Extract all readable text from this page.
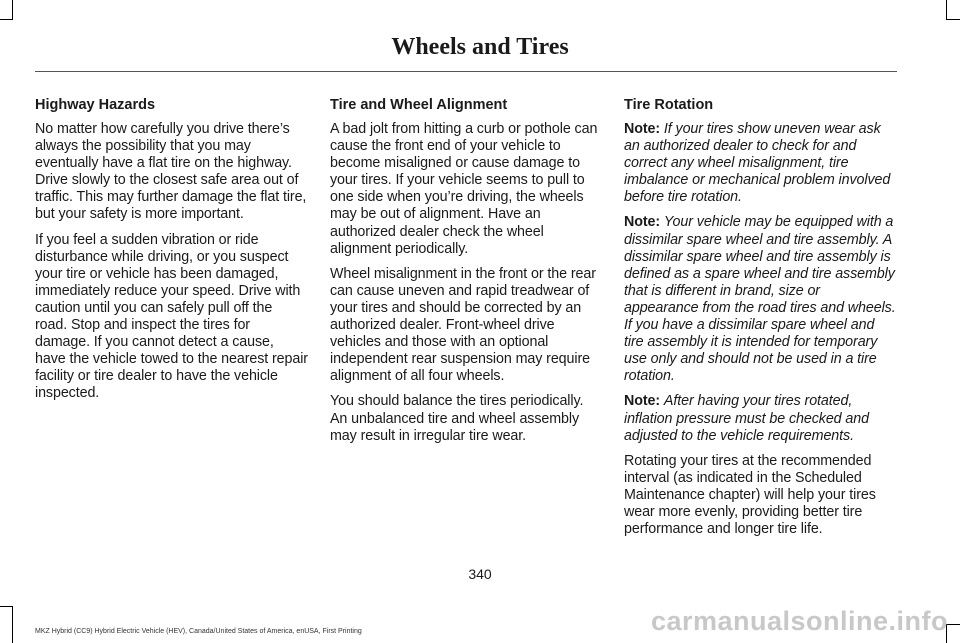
Wheels and Tires

Highway Hazards

No matter how carefully you drive there’s always the possibility that you may eventually have a flat tire on the highway. Drive slowly to the closest safe area out of traffic. This may further damage the flat tire, but your safety is more important.

If you feel a sudden vibration or ride disturbance while driving, or you suspect your tire or vehicle has been damaged, immediately reduce your speed. Drive with caution until you can safely pull off the road. Stop and inspect the tires for damage. If you cannot detect a cause, have the vehicle towed to the nearest repair facility or tire dealer to have the vehicle inspected.

Tire and Wheel Alignment

A bad jolt from hitting a curb or pothole can cause the front end of your vehicle to become misaligned or cause damage to your tires. If your vehicle seems to pull to one side when you’re driving, the wheels may be out of alignment. Have an authorized dealer check the wheel alignment periodically.

Wheel misalignment in the front or the rear can cause uneven and rapid treadwear of your tires and should be corrected by an authorized dealer. Front-wheel drive vehicles and those with an optional independent rear suspension may require alignment of all four wheels.

You should balance the tires periodically. An unbalanced tire and wheel assembly may result in irregular tire wear.

Tire Rotation

Note: If your tires show uneven wear ask an authorized dealer to check for and correct any wheel misalignment, tire imbalance or mechanical problem involved before tire rotation.

Note: Your vehicle may be equipped with a dissimilar spare wheel and tire assembly. A dissimilar spare wheel and tire assembly is defined as a spare wheel and tire assembly that is different in brand, size or appearance from the road tires and wheels. If you have a dissimilar spare wheel and tire assembly it is intended for temporary use only and should not be used in a tire rotation.

Note: After having your tires rotated, inflation pressure must be checked and adjusted to the vehicle requirements.

Rotating your tires at the recommended interval (as indicated in the Scheduled Maintenance chapter) will help your tires wear more evenly, providing better tire performance and longer tire life.

340
MKZ Hybrid (CC9) Hybrid Electric Vehicle (HEV), Canada/United States of America, enUSA, First Printing	carmanualsonline.info
